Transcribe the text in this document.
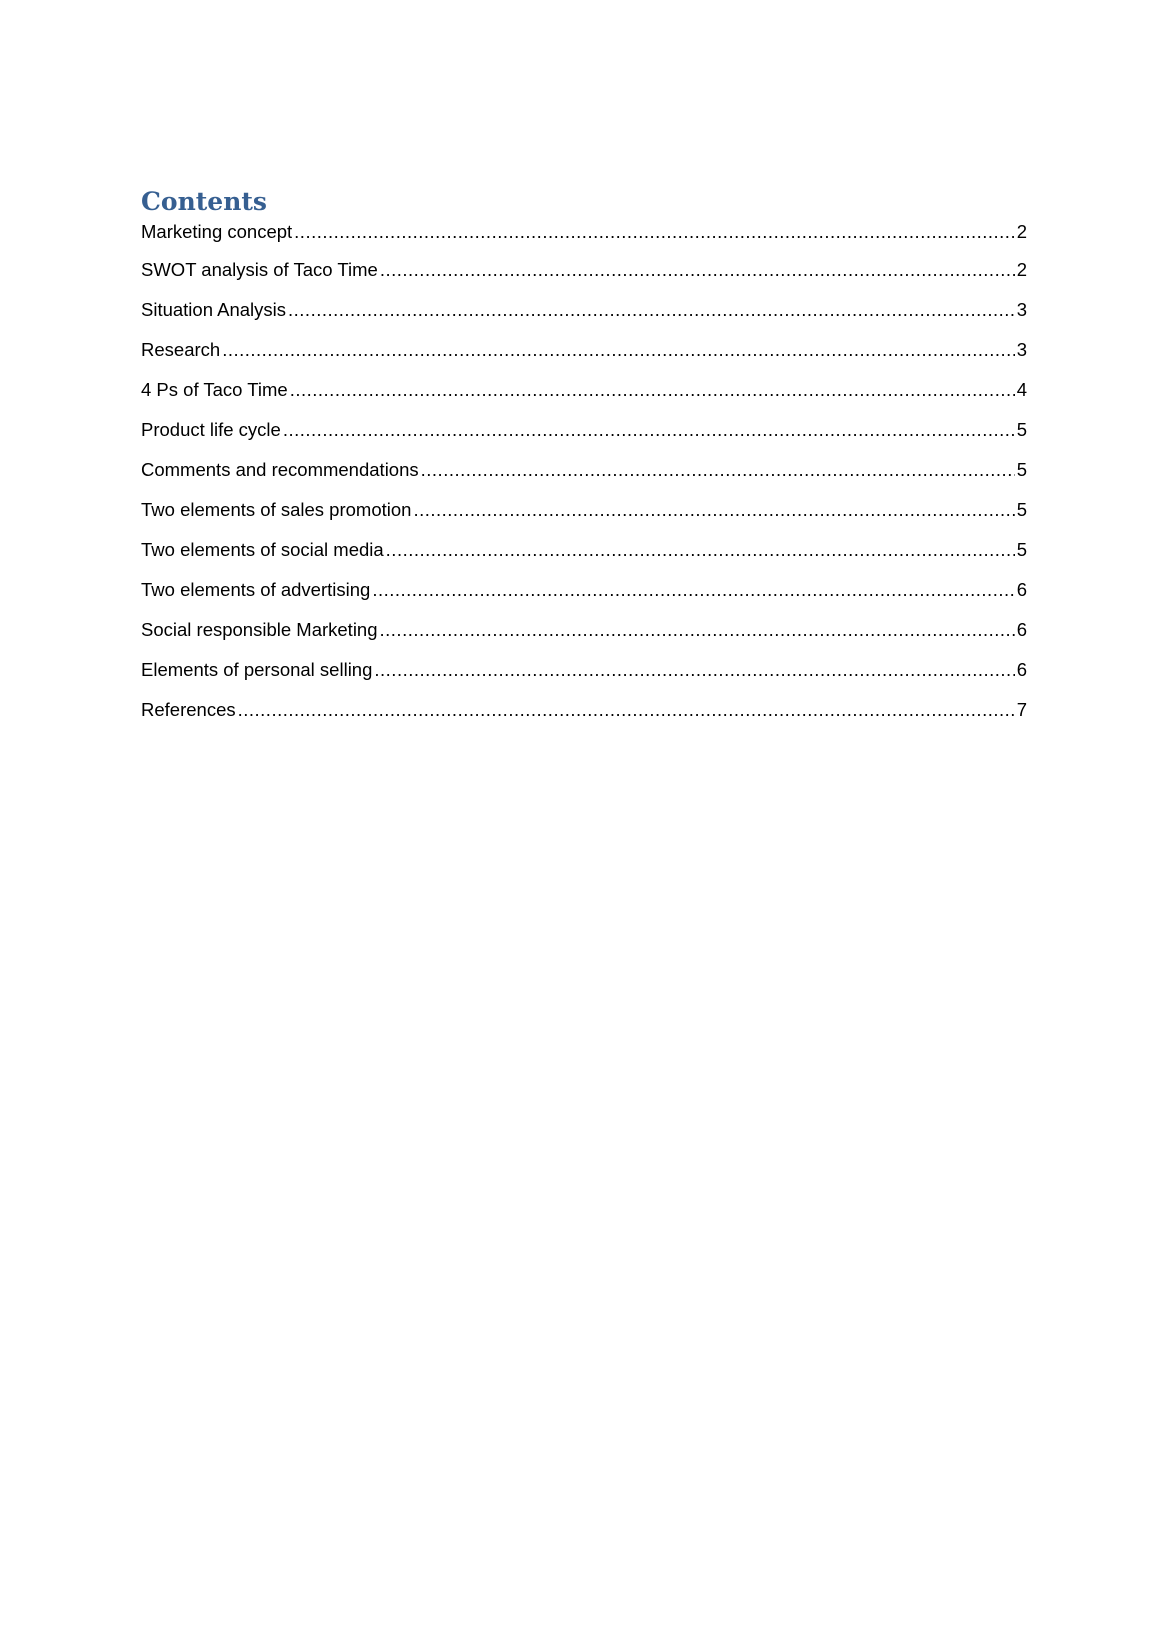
Contents
Marketing concept .....	2
SWOT analysis of Taco Time .....	2
Situation Analysis .....	3
Research .....	3
4 Ps of Taco Time .....	4
Product life cycle .....	5
Comments and recommendations .....	5
Two elements of sales promotion .....	5
Two elements of social media .....	5
Two elements of advertising .....	6
Social responsible Marketing .....	6
Elements of personal selling .....	6
References .....	7
